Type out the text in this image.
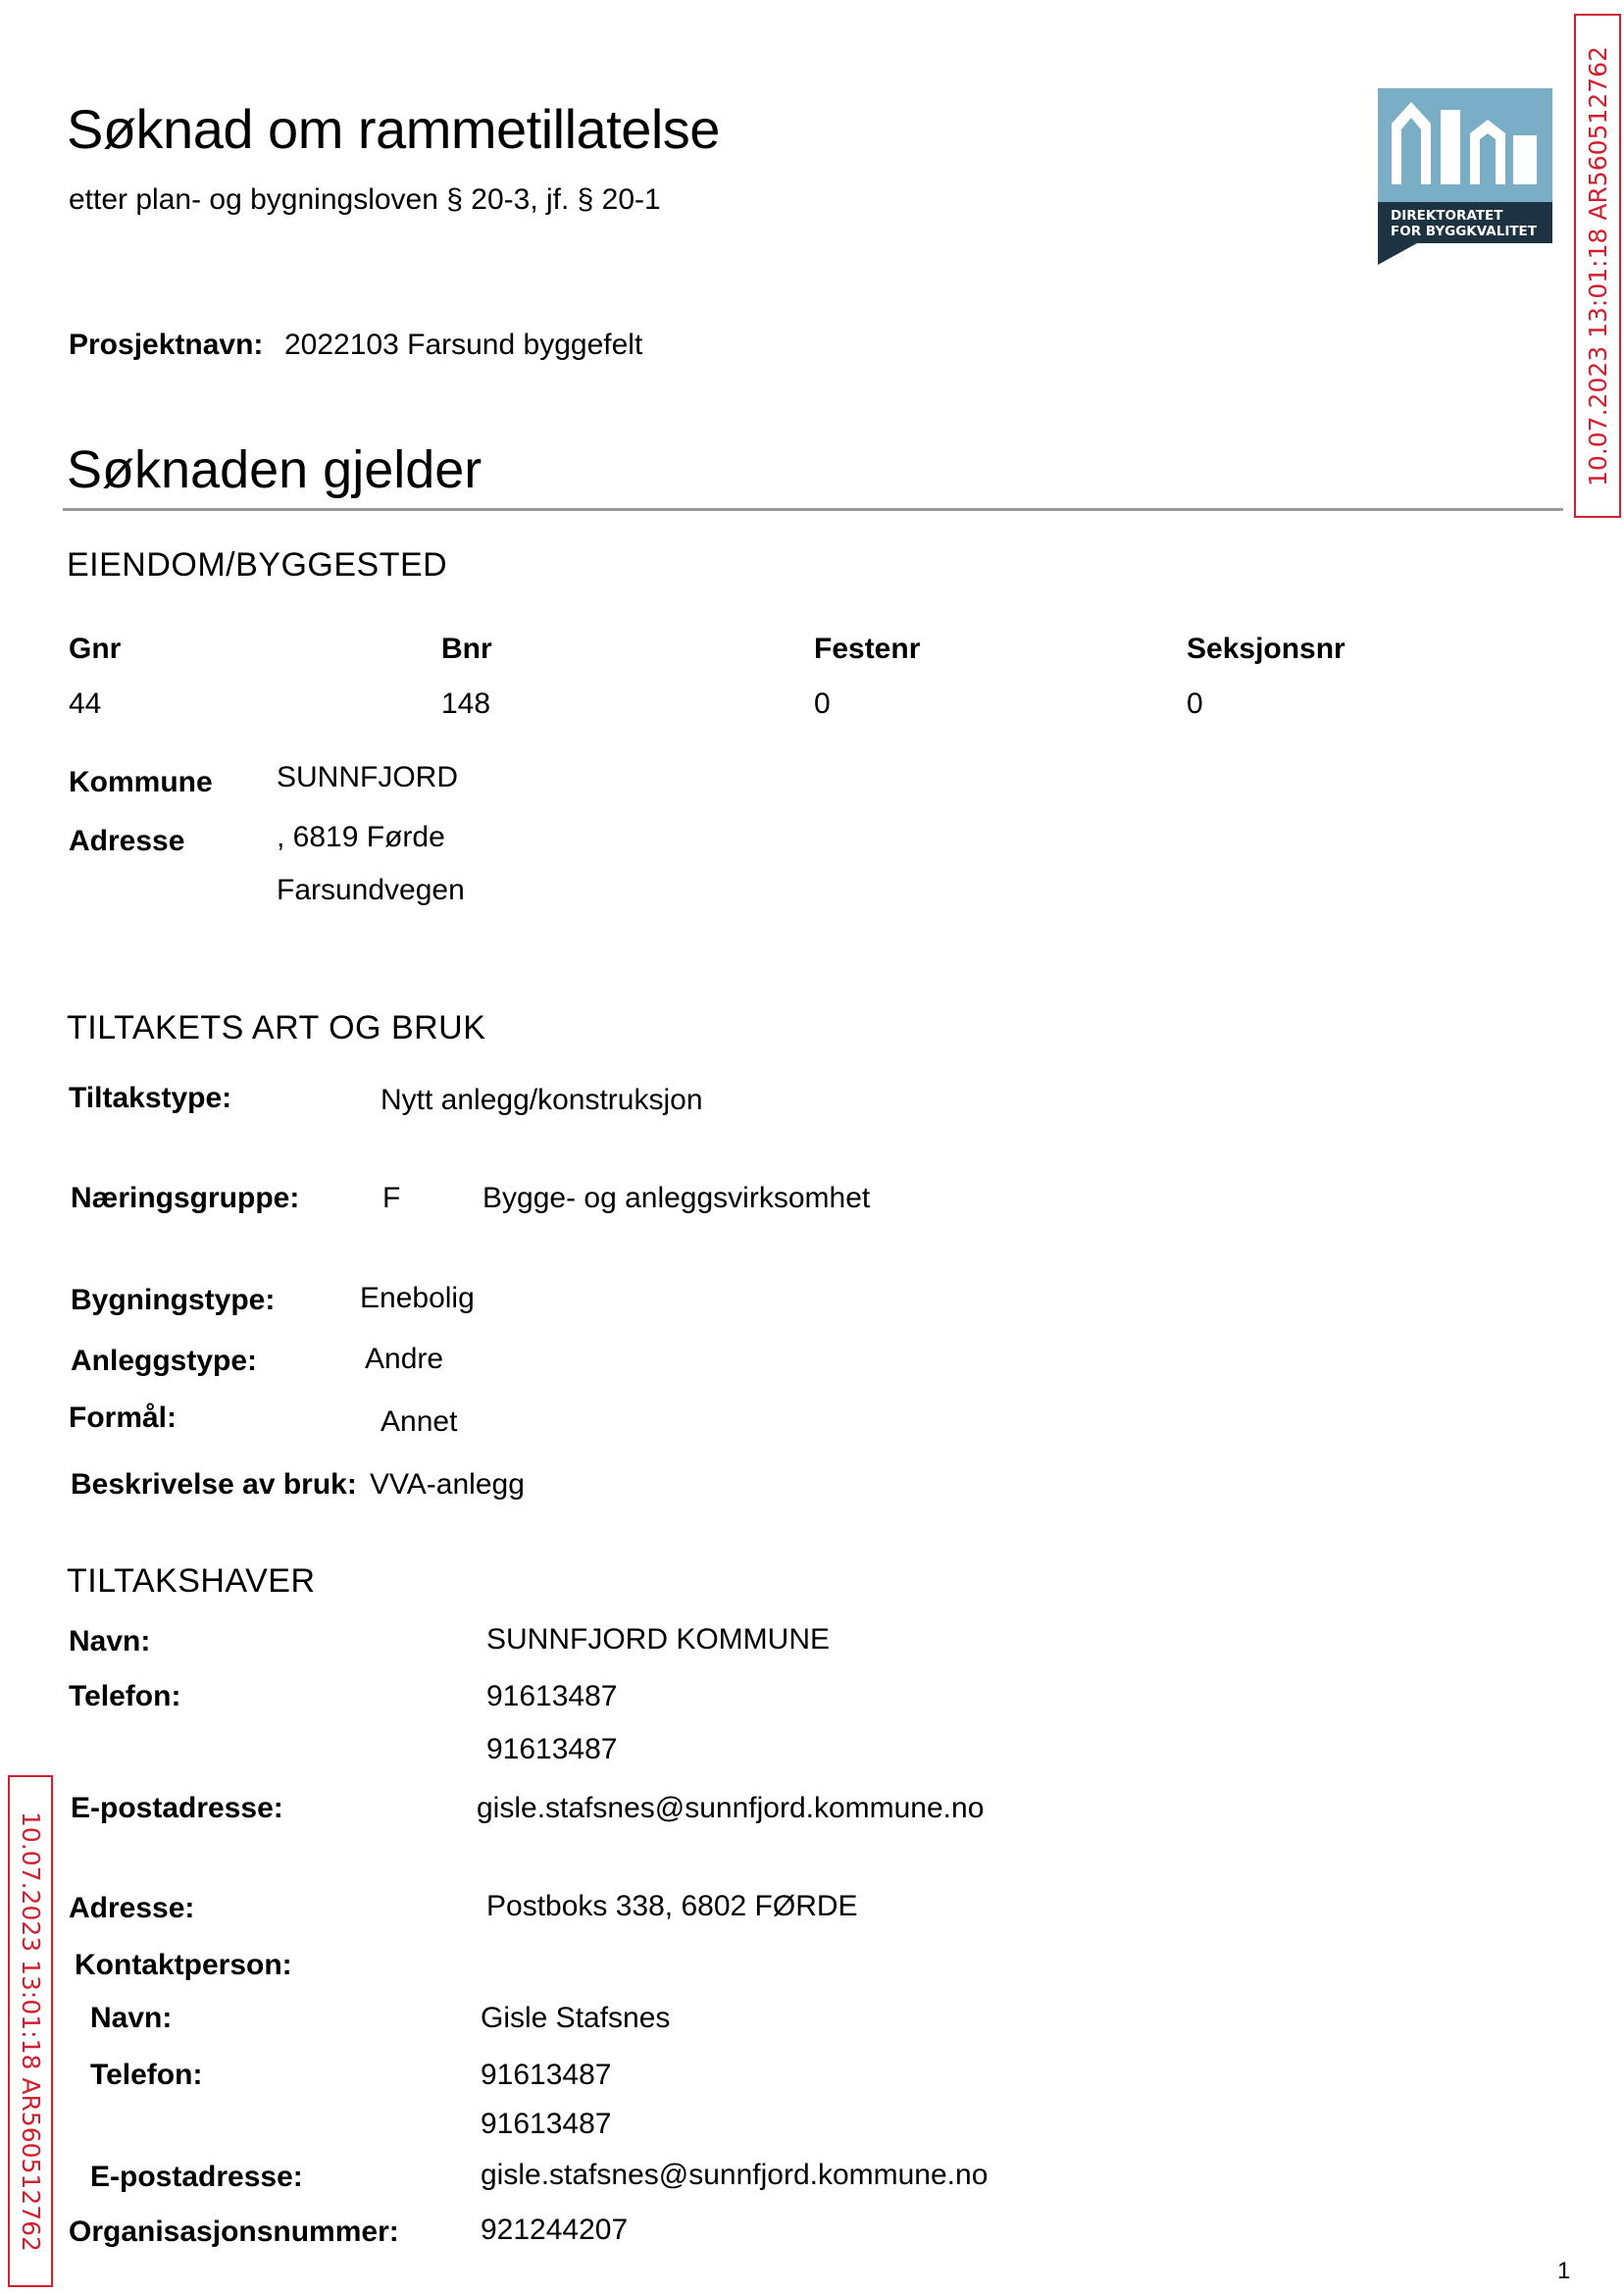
Søknad om rammetillatelse
etter plan- og bygningsloven § 20-3, jf. § 20-1	DIREKTORATET
FOR BYGGKVALITET 10.07.2023 13:01:18 AR560512762
10.07.2023 13:01:18 AR560512762
Prosjektnavn: 2022103 Farsund byggefelt
Søknaden gjelder
EIENDOM/BYGGESTED
Gnr	Bnr	Festenr	Seksjonsnr
44	148	0	0
Kommune SUNNFJORD
Adresse	, 6819 Førde
Farsundvegen
TILTAKETS ART OG BRUK
Tiltakstype:	Nytt anlegg/konstruksjon
Næringsgruppe:	F	Bygge- og anleggsvirksomhet
Bygningstype:	Enebolig
Anleggstype:	Andre
Formål:	Annet
Beskrivelse av bruk: VVA-anlegg
TILTAKSHAVER
Navn:	SUNNFJORD KOMMUNE
Telefon:	91613487
91613487
E-postadresse:	gisle.stafsnes@sunnfjord.kommune.no
Adresse:	Postboks 338, 6802 FØRDE
Kontaktperson:
Navn:	Gisle Stafsnes
Telefon:	91613487
91613487
E-postadresse:	gisle.stafsnes@sunnfjord.kommune.no
Organisasjonsnummer:	921244207
1
